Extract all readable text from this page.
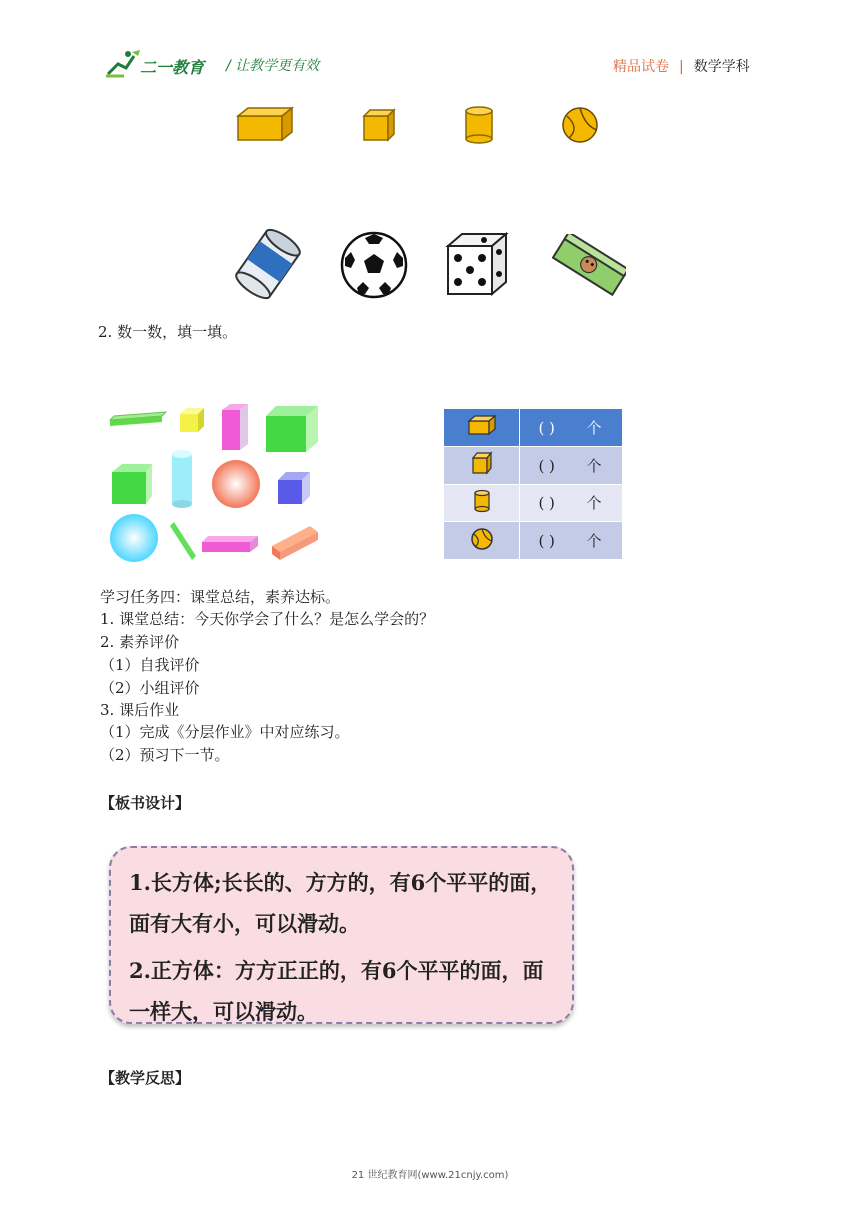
二一教育 / 让教学更有效	精品试卷 | 数学学科
2. 数一数，填一填。
	( ) 个
	( ) 个
	( ) 个
	( ) 个
学习任务四：课堂总结，素养达标。
1. 课堂总结：今天你学会了什么？是怎么学会的？
2. 素养评价
（1）自我评价
（2）小组评价
3. 课后作业
（1）完成《分层作业》中对应练习。
（2）预习下一节。
【板书设计】

1.长方体;长长的、方方的，有6个平平的面，面有大有小，可以滑动。

2.正方体：方方正正的，有6个平平的面，面一样大，可以滑动。

【教学反思】
21 世纪教育网(www.21cnjy.com)
